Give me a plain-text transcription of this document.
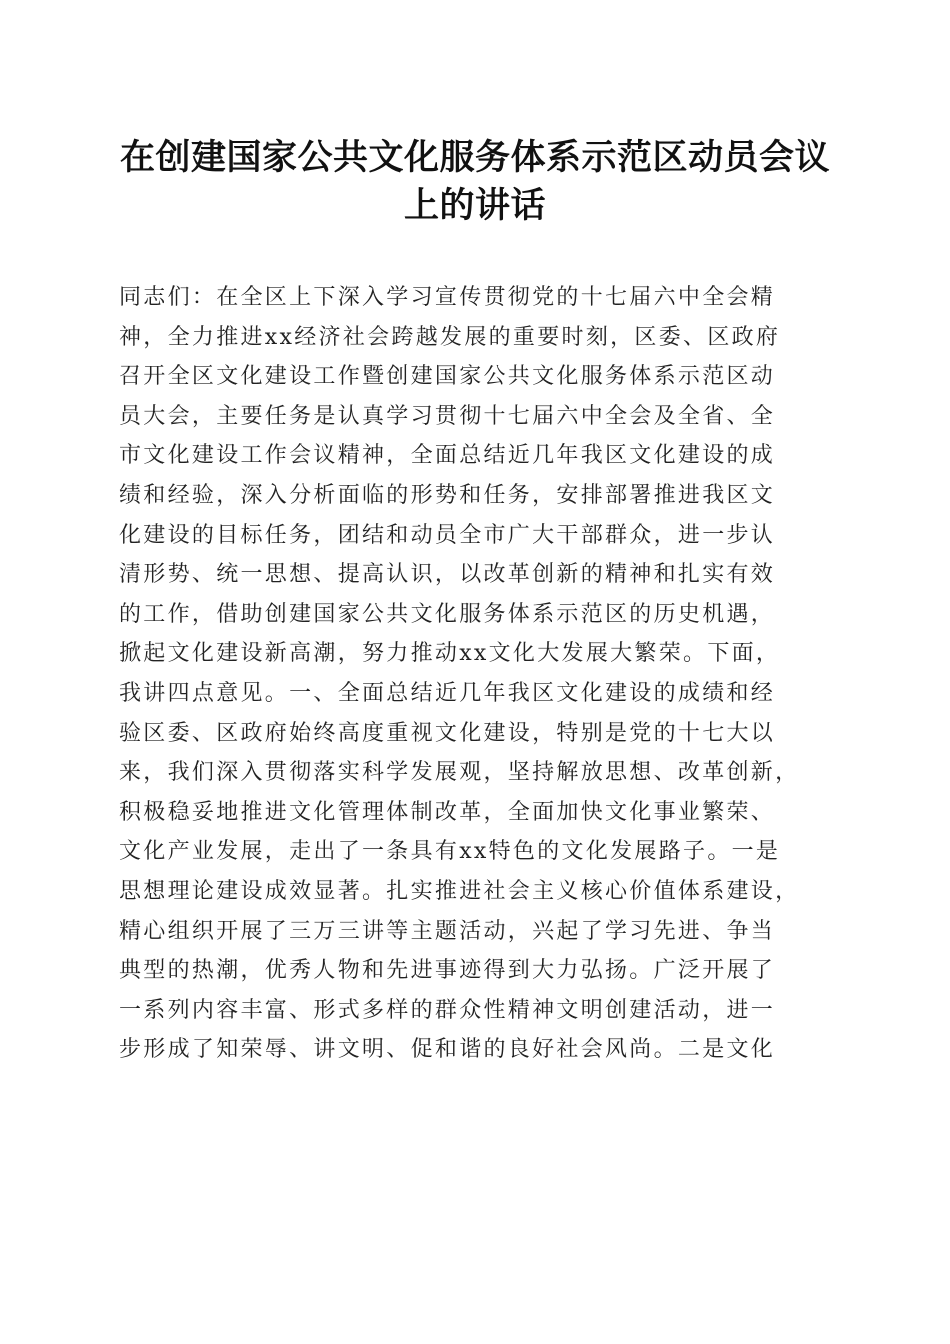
在创建国家公共文化服务体系示范区动员会议
上的讲话
同志们：在全区上下深入学习宣传贯彻党的十七届六中全会精
神，全力推进xx经济社会跨越发展的重要时刻，区委、区政府
召开全区文化建设工作暨创建国家公共文化服务体系示范区动
员大会，主要任务是认真学习贯彻十七届六中全会及全省、全
市文化建设工作会议精神，全面总结近几年我区文化建设的成
绩和经验，深入分析面临的形势和任务，安排部署推进我区文
化建设的目标任务，团结和动员全市广大干部群众，进一步认
清形势、统一思想、提高认识，以改革创新的精神和扎实有效
的工作，借助创建国家公共文化服务体系示范区的历史机遇，
掀起文化建设新高潮，努力推动xx文化大发展大繁荣。下面，
我讲四点意见。一、全面总结近几年我区文化建设的成绩和经
验区委、区政府始终高度重视文化建设，特别是党的十七大以
来，我们深入贯彻落实科学发展观，坚持解放思想、改革创新，
积极稳妥地推进文化管理体制改革，全面加快文化事业繁荣、
文化产业发展，走出了一条具有xx特色的文化发展路子。一是
思想理论建设成效显著。扎实推进社会主义核心价值体系建设，
精心组织开展了三万三讲等主题活动，兴起了学习先进、争当
典型的热潮，优秀人物和先进事迹得到大力弘扬。广泛开展了
一系列内容丰富、形式多样的群众性精神文明创建活动，进一
步形成了知荣辱、讲文明、促和谐的良好社会风尚。二是文化
